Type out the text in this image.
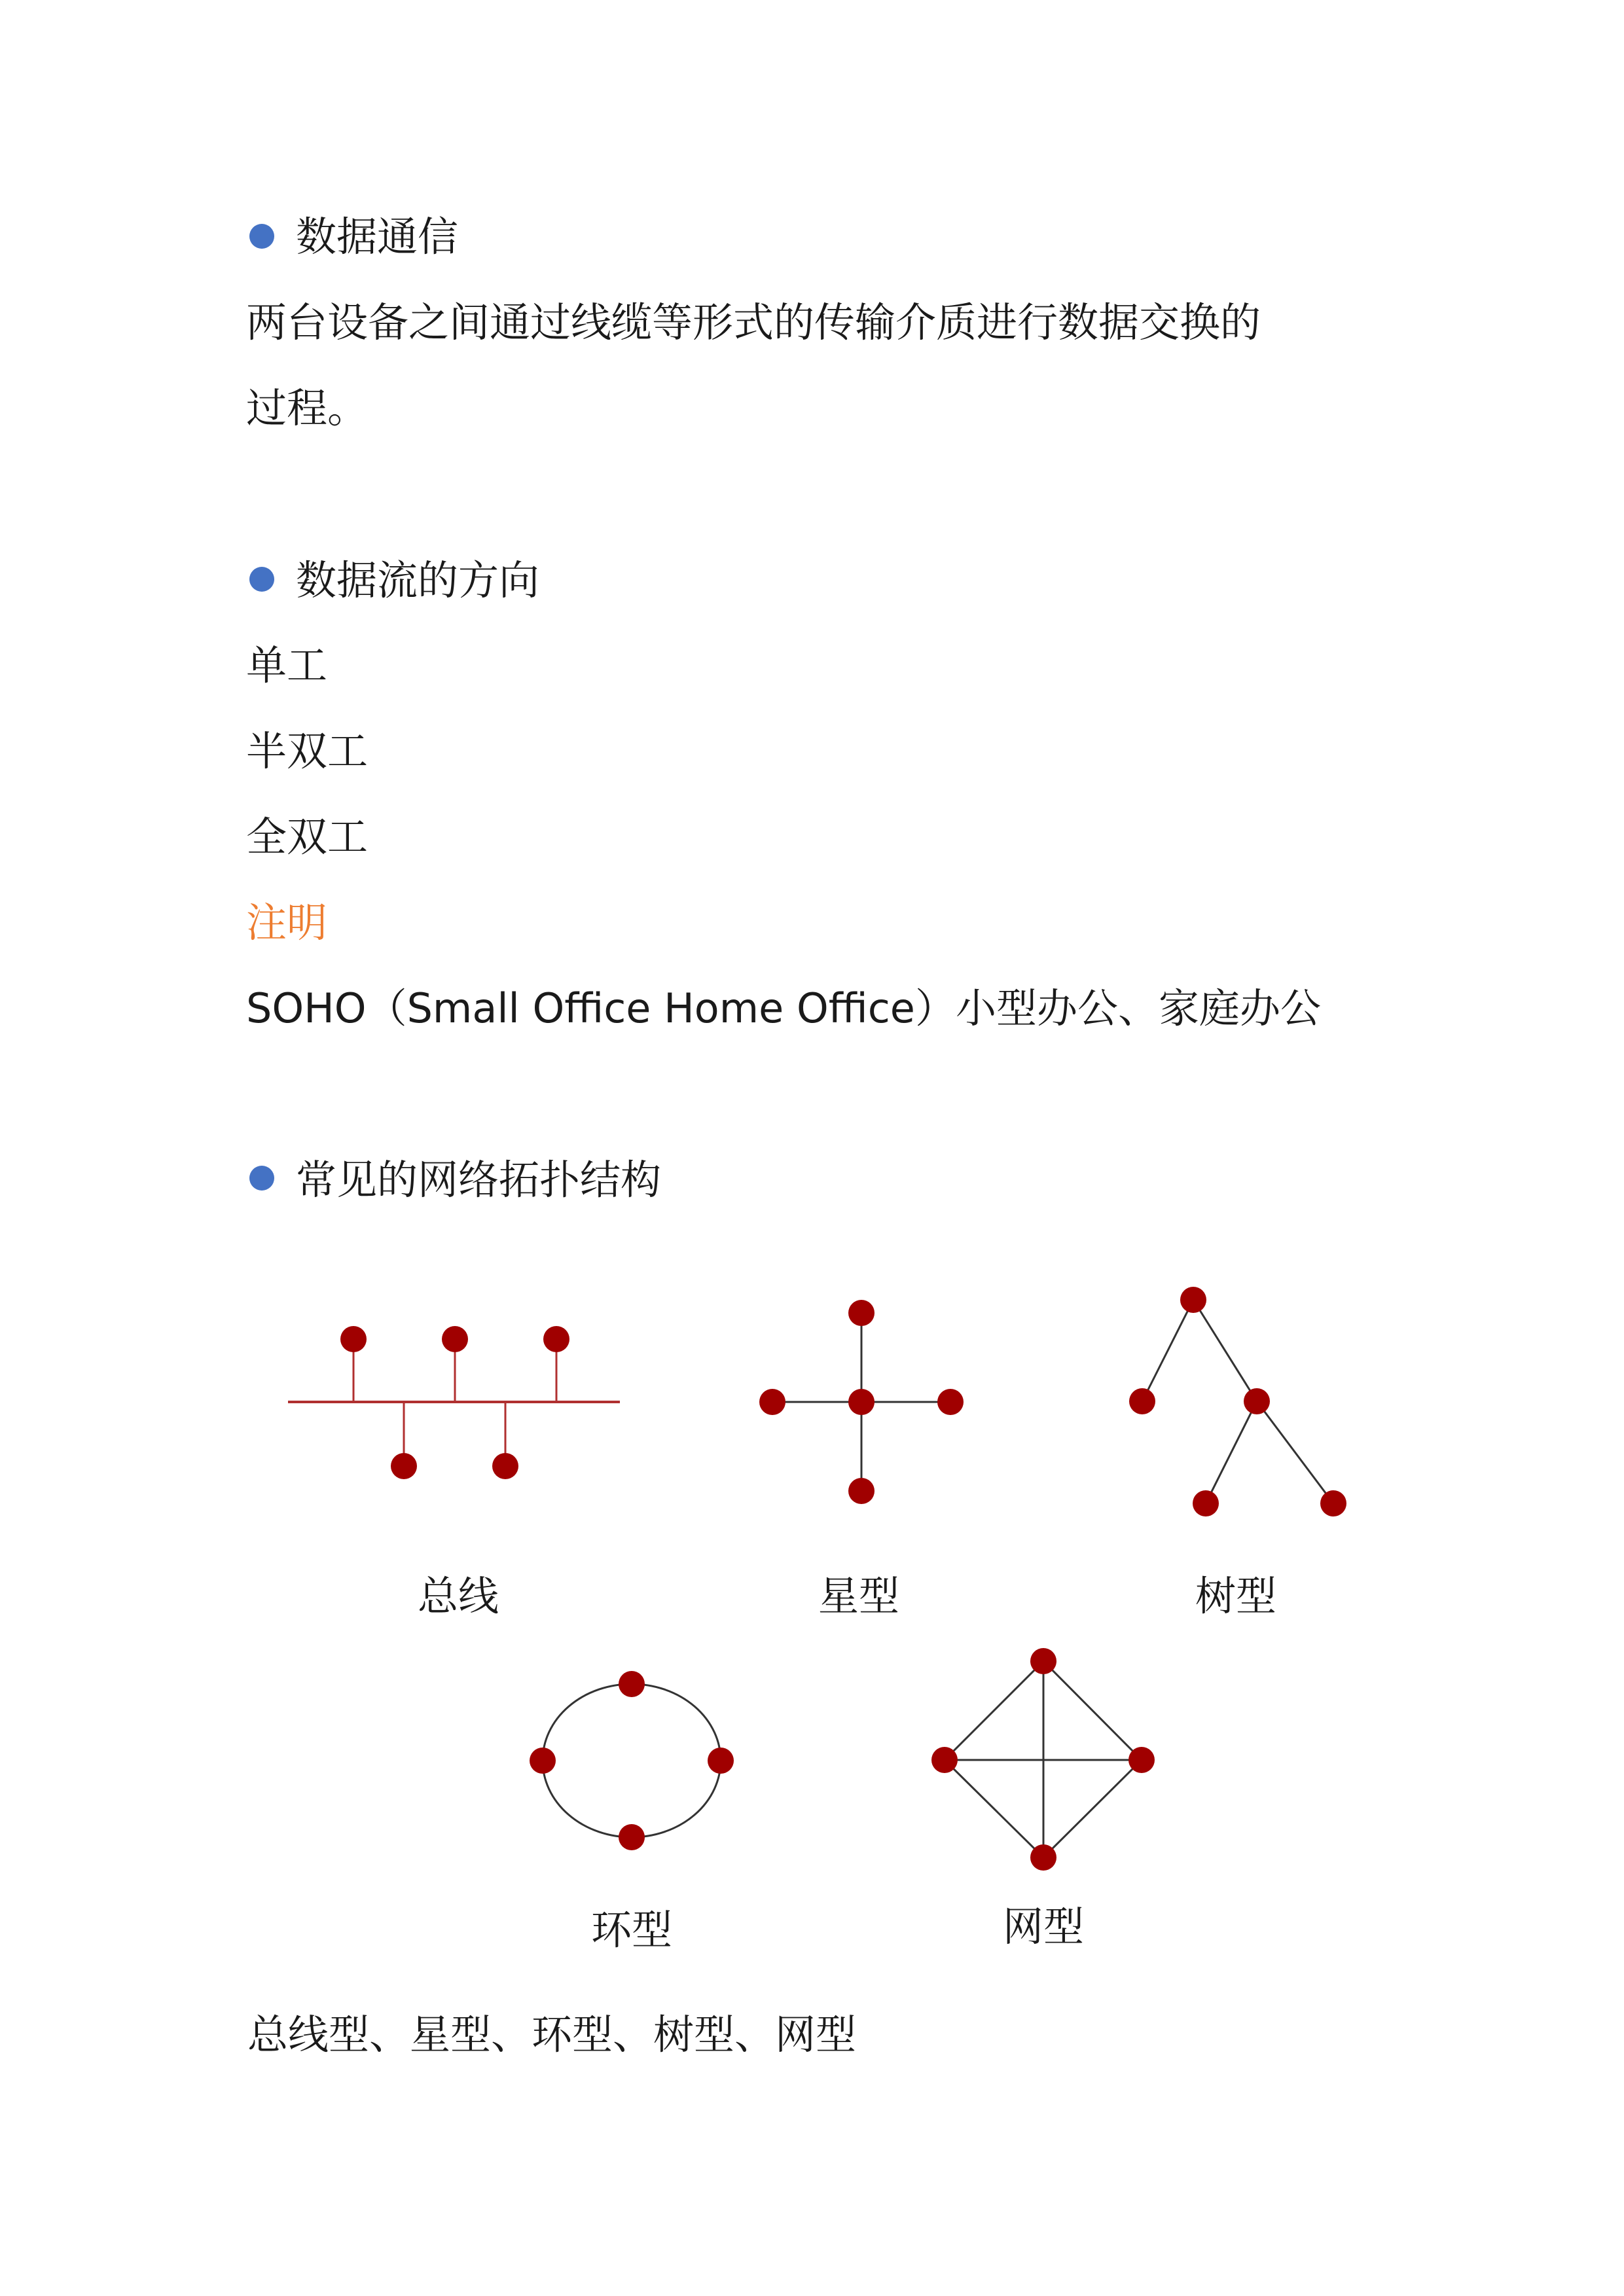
数据通信
两台设备之间通过线缆等形式的传输介质进行数据交换的
过程。
数据流的方向
单工
半双工
全双工
注明
SOHO（Small Office Home Office）小型办公、家庭办公
常见的网络拓扑结构
总线	星型	树型
环型	网型
总线型、星型、环型、树型、网型
